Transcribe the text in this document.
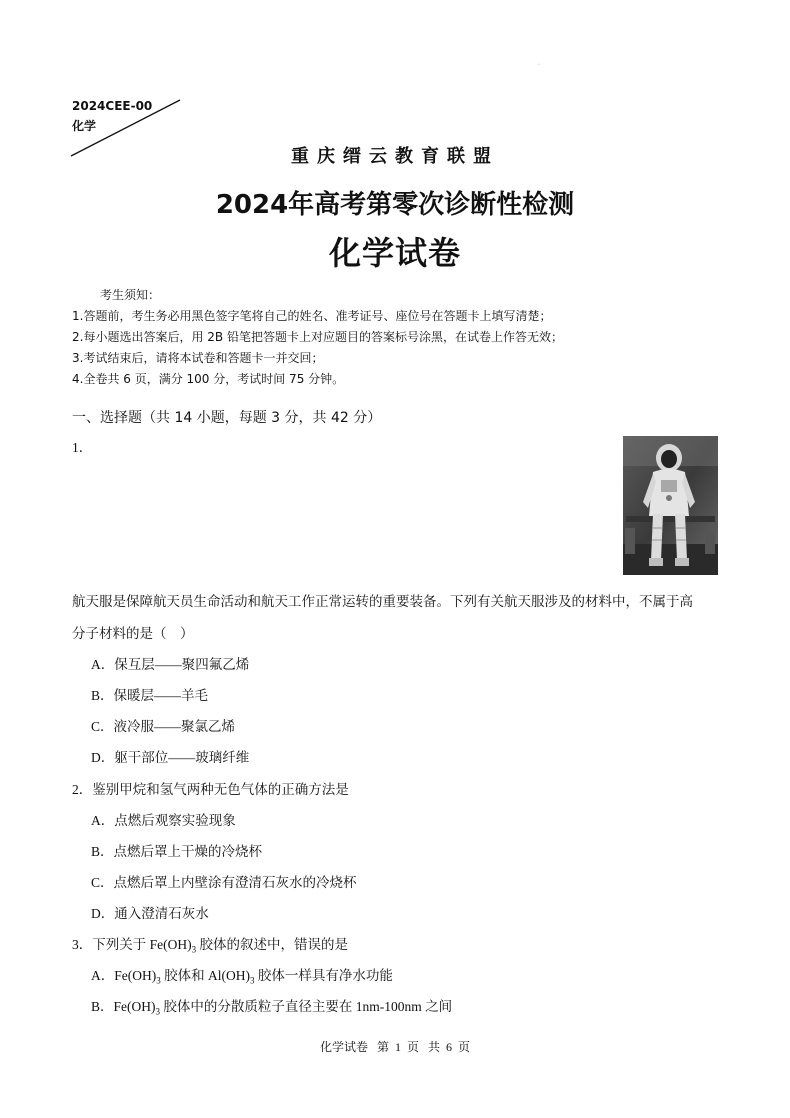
2024CEE-00
化学
·
重庆缙云教育联盟
2024年高考第零次诊断性检测
化学试卷
考生须知：
1.答题前，考生务必用黑色签字笔将自己的姓名、准考证号、座位号在答题卡上填写清楚；
2.每小题选出答案后，用 2B 铅笔把答题卡上对应题目的答案标号涂黑，在试卷上作答无效；
3.考试结束后，请将本试卷和答题卡一并交回；
4.全卷共 6 页，满分 100 分，考试时间 75 分钟。
一、选择题（共 14 小题，每题 3 分，共 42 分）
1．
航天服是保障航天员生命活动和航天工作正常运转的重要装备。下列有关航天服涉及的材料中，不属于高
分子材料的是（　）
A．保互层——聚四氟乙烯
B．保暖层——羊毛
C．液冷服——聚氯乙烯
D．躯干部位——玻璃纤维
2．鉴别甲烷和氢气两种无色气体的正确方法是
A．点燃后观察实验现象
B．点燃后罩上干燥的冷烧杯
C．点燃后罩上内壁涂有澄清石灰水的冷烧杯
D．通入澄清石灰水
3．下列关于 $Fe(OH)_3$ 胶体的叙述中，错误的是
A．$Fe(OH)_3$ 胶体和 $Al(OH)_3$ 胶体一样具有净水功能
B．$Fe(OH)_3$ 胶体中的分散质粒子直径主要在 1nm-100nm 之间
化学试卷 第 1 页 共 6 页
